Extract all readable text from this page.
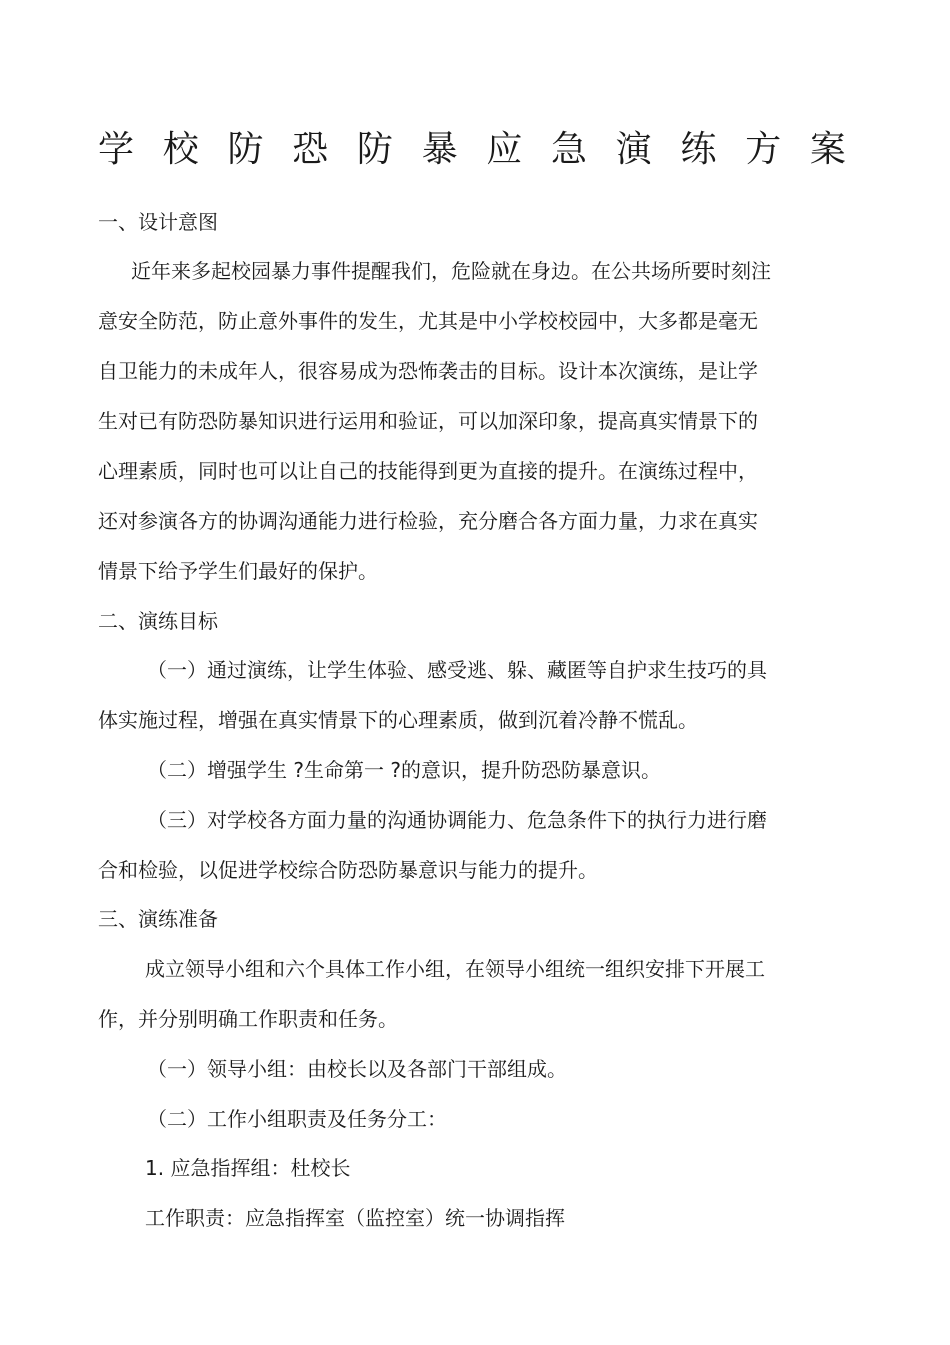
学 校 防 恐 防 暴 应 急 演 练 方 案

一、设计意图

近年来多起校园暴力事件提醒我们，危险就在身边。在公共场所要时刻注

意安全防范，防止意外事件的发生，尤其是中小学校校园中，大多都是毫无

自卫能力的未成年人，很容易成为恐怖袭击的目标。设计本次演练，是让学

生对已有防恐防暴知识进行运用和验证，可以加深印象，提高真实情景下的

心理素质，同时也可以让自己的技能得到更为直接的提升。在演练过程中，

还对参演各方的协调沟通能力进行检验，充分磨合各方面力量，力求在真实

情景下给予学生们最好的保护。

二、演练目标

（一）通过演练，让学生体验、感受逃、躲、藏匿等自护求生技巧的具

体实施过程，增强在真实情景下的心理素质，做到沉着冷静不慌乱。

（二）增强学生 ?生命第一 ?的意识，提升防恐防暴意识。

（三）对学校各方面力量的沟通协调能力、危急条件下的执行力进行磨

合和检验，以促进学校综合防恐防暴意识与能力的提升。

三、演练准备

成立领导小组和六个具体工作小组，在领导小组统一组织安排下开展工

作，并分别明确工作职责和任务。

（一）领导小组：由校长以及各部门干部组成。

（二）工作小组职责及任务分工：

1. 应急指挥组：杜校长

工作职责：应急指挥室（监控室）统一协调指挥
